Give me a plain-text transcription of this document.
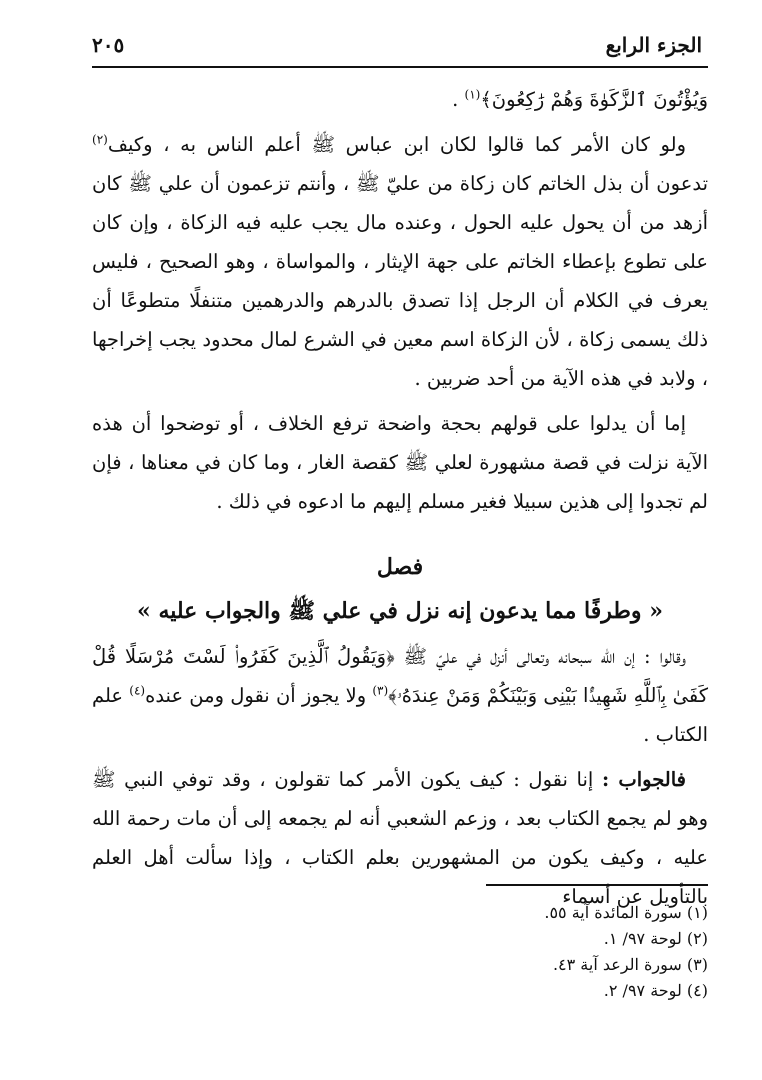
٢٠٥	الجزء الرابع

وَيُؤْتُونَ ٱلزَّكَوٰةَ وَهُمْ رَٰكِعُونَ﴾$^{(١)}$ .

ولو كان الأمر كما قالوا لكان ابن عباس ﷺ أعلم الناس به ، وكيف$^{(٢)}$ تدعون أن بذل الخاتم كان زكاة من عليّ ﷺ ، وأنتم تزعمون أن علي ﷺ كان أزهد من أن يحول عليه الحول ، وعنده مال يجب عليه فيه الزكاة ، وإن كان على تطوع بإعطاء الخاتم على جهة الإيثار ، والمواساة ، وهو الصحيح ، فليس يعرف في الكلام أن الرجل إذا تصدق بالدرهم والدرهمين متنفلًا متطوعًا أن ذلك يسمى زكاة ، لأن الزكاة اسم معين في الشرع لمال محدود يجب إخراجها ، ولابد في هذه الآية من أحد ضربين .

إما أن يدلوا على قولهم بحجة واضحة ترفع الخلاف ، أو توضحوا أن هذه الآية نزلت في قصة مشهورة لعلي ﷺ كقصة الغار ، وما كان في معناها ، فإن لم تجدوا إلى هذين سبيلا فغير مسلم إليهم ما ادعوه في ذلك .

فصل

« وطرفًا مما يدعون إنه نزل في علي ﷺ والجواب عليه »

وقالوا : إن الله سبحانه وتعالى أنزل في عليّ ﷺ ﴿وَيَقُولُ ٱلَّذِينَ كَفَرُوا۟ لَسْتَ مُرْسَلًا قُلْ كَفَىٰ بِٱللَّهِ شَهِيدًۢا بَيْنِى وَبَيْنَكُمْ وَمَنْ عِندَهُۥ﴾$^{(٣)}$ ولا يجوز أن نقول ومن عنده$^{(٤)}$ علم الكتاب .

فالجواب : إنا نقول : كيف يكون الأمر كما تقولون ، وقد توفي النبي ﷺ وهو لم يجمع الكتاب بعد ، وزعم الشعبي أنه لم يجمعه إلى أن مات رحمة الله عليه ، وكيف يكون من المشهورين بعلم الكتاب ، وإذا سألت أهل العلم بالتأويل عن أسماء

(١) سورة المائدة آية ٥٥.

(٢) لوحة ٩٧/ ١.

(٣) سورة الرعد آية ٤٣.

(٤) لوحة ٩٧/ ٢.
